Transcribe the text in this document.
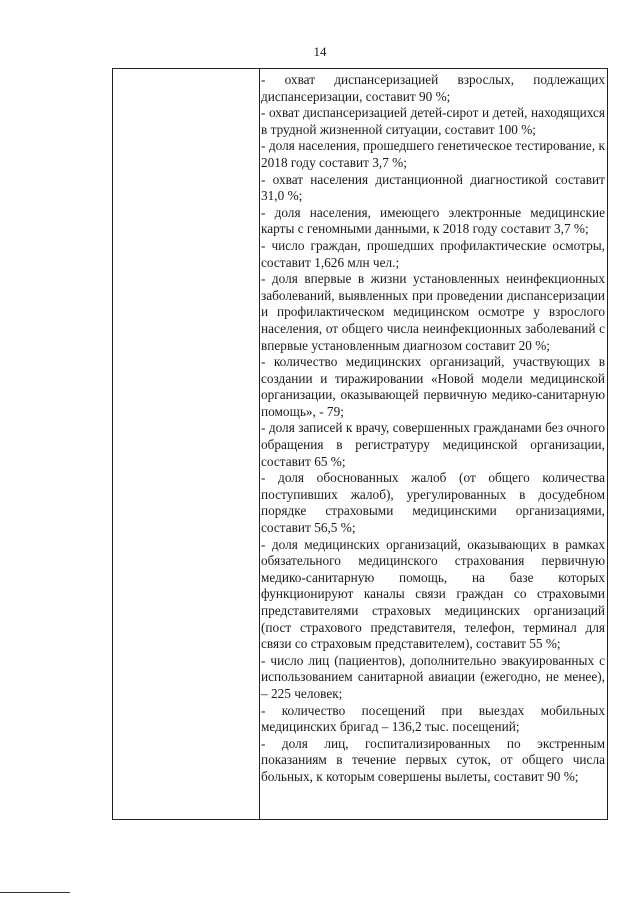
14

- охват диспансеризацией взрослых, подлежащих диспансеризации, составит 90 %;

- охват диспансеризацией детей-сирот и детей, находящихся в трудной жизненной ситуации, составит 100 %;

- доля населения, прошедшего генетическое тестирование, к 2018 году составит 3,7 %;

- охват населения дистанционной диагностикой составит 31,0 %;

- доля населения, имеющего электронные медицинские карты с геномными данными, к 2018 году составит 3,7 %;

- число граждан, прошедших профилактические осмотры, составит 1,626 млн чел.;

- доля впервые в жизни установленных неинфекционных заболеваний, выявленных при проведении диспансеризации и профилактическом медицинском осмотре у взрослого населения, от общего числа неинфекционных заболеваний с впервые установленным диагнозом составит 20 %;

- количество медицинских организаций, участвующих в создании и тиражировании «Новой модели медицинской организации, оказывающей первичную медико-санитарную помощь», - 79;

- доля записей к врачу, совершенных гражданами без очного обращения в регистратуру медицинской организации, составит 65 %;

- доля обоснованных жалоб (от общего количества поступивших жалоб), урегулированных в досудебном порядке страховыми медицинскими организациями, составит 56,5 %;

- доля медицинских организаций, оказывающих в рамках обязательного медицинского страхования первичную медико-санитарную помощь, на базе которых функционируют каналы связи граждан со страховыми представителями страховых медицинских организаций (пост страхового представителя, телефон, терминал для связи со страховым представителем), составит 55 %;

- число лиц (пациентов), дополнительно эвакуированных с использованием санитарной авиации (ежегодно, не менее), – 225 человек;

- количество посещений при выездах мобильных медицинских бригад – 136,2 тыс. посещений;

- доля лиц, госпитализированных по экстренным показаниям в течение первых суток, от общего числа больных, к которым совершены вылеты, составит 90 %;
